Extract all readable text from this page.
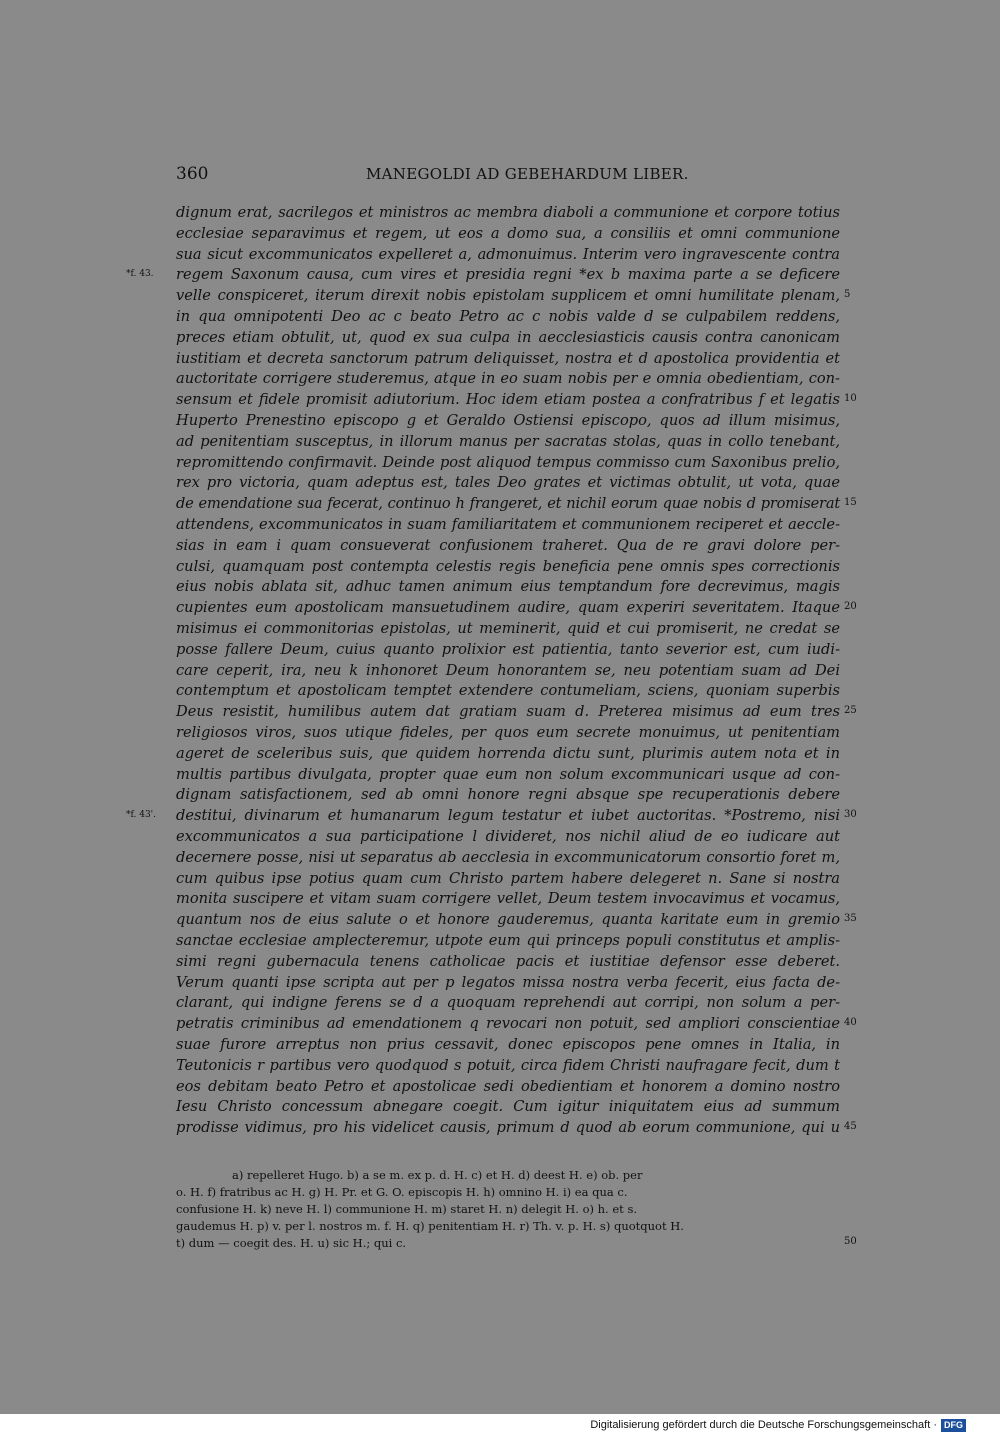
360	MANEGOLDI AD GEBEHARDUM LIBER.
dignum erat, sacrilegos et ministros ac membra diaboli a communione et corpore totius
ecclesiae separavimus et regem, ut eos a domo sua, a consiliis et omni communione
sua sicut excommunicatos expelleret a, admonuimus. Interim vero ingravescente contra
regem Saxonum causa, cum vires et presidia regni *ex b maxima parte a se deficere
velle conspiceret, iterum direxit nobis epistolam supplicem et omni humilitate plenam, 5
in qua omnipotenti Deo ac c beato Petro ac c nobis valde d se culpabilem reddens,
preces etiam obtulit, ut, quod ex sua culpa in aecclesiasticis causis contra canonicam
iustitiam et decreta sanctorum patrum deliquisset, nostra et d apostolica providentia et
auctoritate corrigere studeremus, atque in eo suam nobis per e omnia obedientiam, con-
sensum et fidele promisit adiutorium. Hoc idem etiam postea a confratribus f et legatis 10
Huperto Prenestino episcopo g et Geraldo Ostiensi episcopo, quos ad illum misimus,
ad penitentiam susceptus, in illorum manus per sacratas stolas, quas in collo tenebant,
repromittendo confirmavit. Deinde post aliquod tempus commisso cum Saxonibus prelio,
rex pro victoria, quam adeptus est, tales Deo grates et victimas obtulit, ut vota, quae
de emendatione sua fecerat, continuo h frangeret, et nichil eorum quae nobis d promiserat 15
attendens, excommunicatos in suam familiaritatem et communionem reciperet et aeccle-
sias in eam i quam consueverat confusionem traheret. Qua de re gravi dolore per-
culsi, quamquam post contempta celestis regis beneficia pene omnis spes correctionis
eius nobis ablata sit, adhuc tamen animum eius temptandum fore decrevimus, magis
cupientes eum apostolicam mansuetudinem audire, quam experiri severitatem. Itaque 20
misimus ei commonitorias epistolas, ut meminerit, quid et cui promiserit, ne credat se
posse fallere Deum, cuius quanto prolixior est patientia, tanto severior est, cum iudi-
care ceperit, ira, neu k inhonoret Deum honorantem se, neu potentiam suam ad Dei
contemptum et apostolicam temptet extendere contumeliam, sciens, quoniam superbis
Deus resistit, humilibus autem dat gratiam suam d. Preterea misimus ad eum tres 25
religiosos viros, suos utique fideles, per quos eum secrete monuimus, ut penitentiam
ageret de sceleribus suis, que quidem horrenda dictu sunt, plurimis autem nota et in
multis partibus divulgata, propter quae eum non solum excommunicari usque ad con-
dignam satisfactionem, sed ab omni honore regni absque spe recuperationis debere
destitui, divinarum et humanarum legum testatur et iubet auctoritas. *Postremo, nisi 30
excommunicatos a sua participatione l divideret, nos nichil aliud de eo iudicare aut
decernere posse, nisi ut separatus ab aecclesia in excommunicatorum consortio foret m,
cum quibus ipse potius quam cum Christo partem habere delegeret n. Sane si nostra
monita suscipere et vitam suam corrigere vellet, Deum testem invocavimus et vocamus,
quantum nos de eius salute o et honore gauderemus, quanta karitate eum in gremio 35
sanctae ecclesiae amplecteremur, utpote eum qui princeps populi constitutus et amplis-
simi regni gubernacula tenens catholicae pacis et iustitiae defensor esse deberet.
Verum quanti ipse scripta aut per p legatos missa nostra verba fecerit, eius facta de-
clarant, qui indigne ferens se d a quoquam reprehendi aut corripi, non solum a per-
petratis criminibus ad emendationem q revocari non potuit, sed ampliori conscientiae 40
suae furore arreptus non prius cessavit, donec episcopos pene omnes in Italia, in
Teutonicis r partibus vero quodquod s potuit, circa fidem Christi naufragare fecit, dum t
eos debitam beato Petro et apostolicae sedi obedientiam et honorem a domino nostro
Iesu Christo concessum abnegare coegit. Cum igitur iniquitatem eius ad summum
prodisse vidimus, pro his videlicet causis, primum d quod ab eorum communione, qui u 45
*f. 43.
*f. 43'.
a) repelleret Hugo. b) a se m. ex p. d. H. c) et H. d) deest H. e) ob. per
o. H. f) fratribus ac H. g) H. Pr. et G. O. episcopis H. h) omnino H. i) ea qua c.
confusione H. k) neve H. l) communione H. m) staret H. n) delegit H. o) h. et s.
gaudemus H. p) v. per l. nostros m. f. H. q) penitentiam H. r) Th. v. p. H. s) quotquot H.
t) dum — coegit des. H. u) sic H.; qui c.	50
Digitalisierung gefördert durch die Deutsche Forschungsgemeinschaft · DFG
